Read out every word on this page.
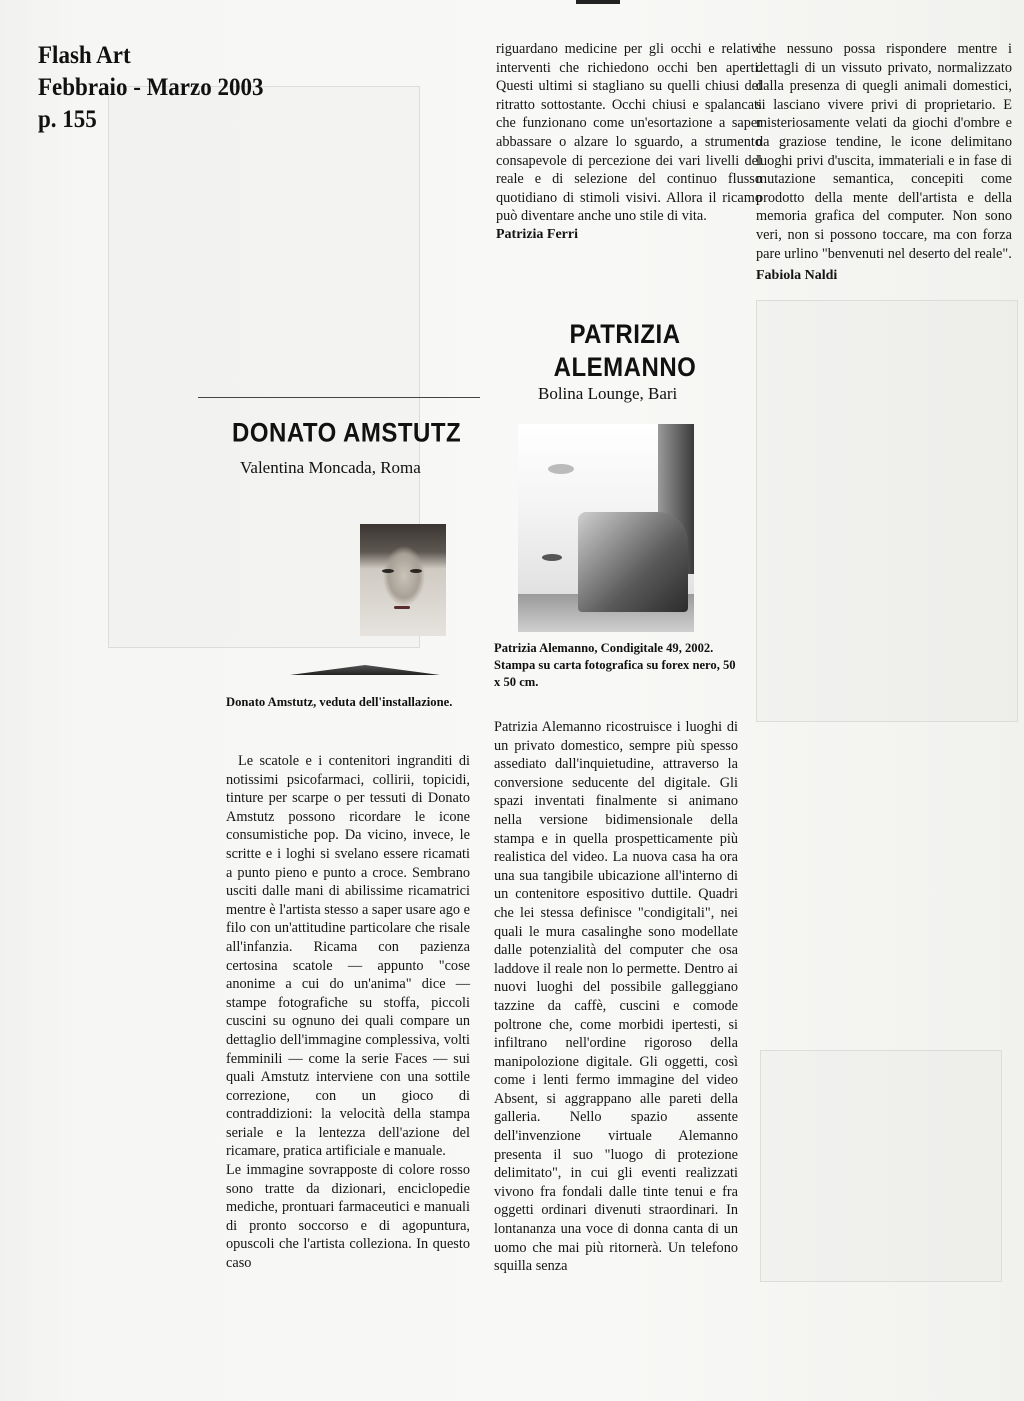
Flash Art
Febbraio - Marzo 2003
p. 155

riguardano medicine per gli occhi e relativi interventi che richiedono occhi ben aperti. Questi ultimi si stagliano su quelli chiusi del ritratto sottostante. Occhi chiusi e spalancati che funzionano come un'esortazione a saper abbassare o alzare lo sguardo, a strumento consapevole di percezione dei vari livelli del reale e di selezione del continuo flusso quotidiano di stimoli visivi. Allora il ricamo può diventare anche uno stile di vita.

Patrizia Ferri

che nessuno possa rispondere mentre i dettagli di un vissuto privato, normalizzato dalla presenza di quegli animali domestici, si lasciano vivere privi di proprietario. E misteriosamente velati da giochi d'ombre e da graziose tendine, le icone delimitano luoghi privi d'uscita, immateriali e in fase di mutazione semantica, concepiti come prodotto della mente dell'artista e della memoria grafica del computer. Non sono veri, non si possono toccare, ma con forza pare urlino "benvenuti nel deserto del reale".

Fabiola Naldi

PATRIZIA
ALEMANNO
Bolina Lounge, Bari
Patrizia Alemanno, Condigitale 49, 2002. Stampa su carta fotografica su forex nero, 50 x 50 cm.

Patrizia Alemanno ricostruisce i luoghi di un privato domestico, sempre più spesso assediato dall'inquietudine, attraverso la conversione seducente del digitale. Gli spazi inventati finalmente si animano nella versione bidimensionale della stampa e in quella prospetticamente più realistica del video. La nuova casa ha ora una sua tangibile ubicazione all'interno di un contenitore espositivo duttile. Quadri che lei stessa definisce "condigitali", nei quali le mura casalinghe sono modellate dalle potenzialità del computer che osa laddove il reale non lo permette. Dentro ai nuovi luoghi del possibile galleggiano tazzine da caffè, cuscini e comode poltrone che, come morbidi ipertesti, si infiltrano nell'ordine rigoroso della manipolozione digitale. Gli oggetti, così come i lenti fermo immagine del video Absent, si aggrappano alle pareti della galleria. Nello spazio assente dell'invenzione virtuale Alemanno presenta il suo "luogo di protezione delimitato", in cui gli eventi realizzati vivono fra fondali dalle tinte tenui e fra oggetti ordinari divenuti straordinari. In lontananza una voce di donna canta di un uomo che mai più ritornerà. Un telefono squilla senza

DONATO AMSTUTZ
Valentina Moncada, Roma
Donato Amstutz, veduta dell'installazione.

Le scatole e i contenitori ingranditi di notissimi psicofarmaci, collirii, topicidi, tinture per scarpe o per tessuti di Donato Amstutz possono ricordare le icone consumistiche pop. Da vicino, invece, le scritte e i loghi si svelano essere ricamati a punto pieno e punto a croce. Sembrano usciti dalle mani di abilissime ricamatrici mentre è l'artista stesso a saper usare ago e filo con un'attitudine particolare che risale all'infanzia. Ricama con pazienza certosina scatole — appunto "cose anonime a cui do un'anima" dice — stampe fotografiche su stoffa, piccoli cuscini su ognuno dei quali compare un dettaglio dell'immagine complessiva, volti femminili — come la serie Faces — sui quali Amstutz interviene con una sottile correzione, con un gioco di contraddizioni: la velocità della stampa seriale e la lentezza dell'azione del ricamare, pratica artificiale e manuale.

Le immagine sovrapposte di colore rosso sono tratte da dizionari, enciclopedie mediche, prontuari farmaceutici e manuali di pronto soccorso e di agopuntura, opuscoli che l'artista colleziona. In questo caso
